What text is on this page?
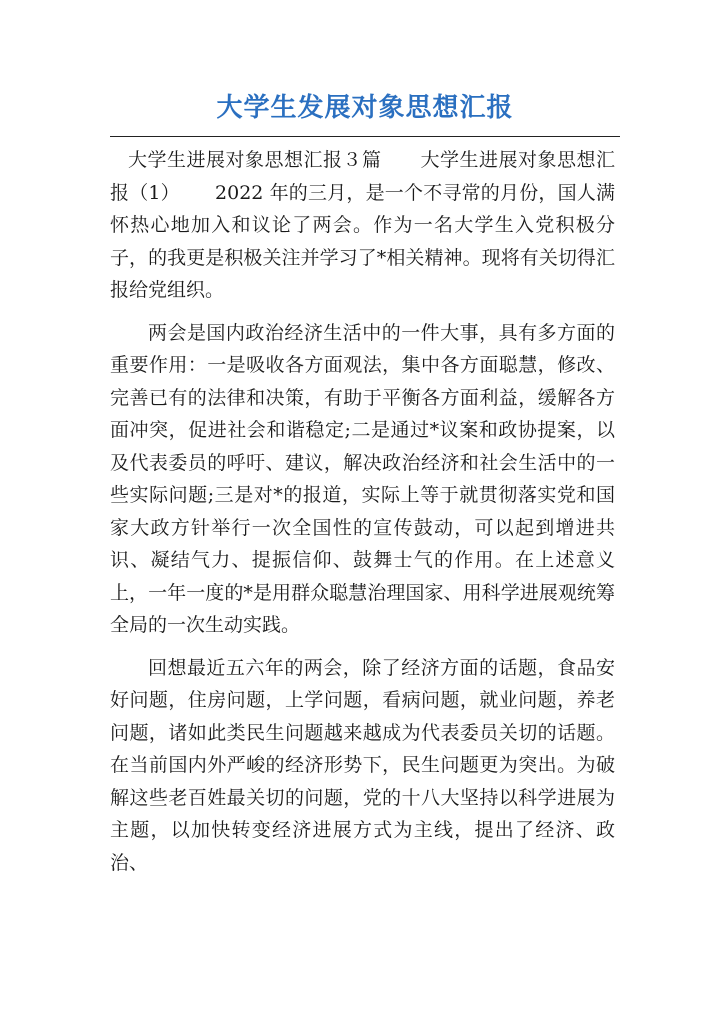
大学生发展对象思想汇报

大学生进展对象思想汇报３篇　　大学生进展对象思想汇报（1）　　 2022 年的三月，是一个不寻常的月份，国人满怀热心地加入和议论了两会。作为一名大学生入党积极分子，的我更是积极关注并学习了*相关精神。现将有关切得汇报给党组织。

两会是国内政治经济生活中的一件大事，具有多方面的重要作用：一是吸收各方面观法，集中各方面聪慧，修改、完善已有的法律和决策，有助于平衡各方面利益，缓解各方面冲突，促进社会和谐稳定;二是通过*议案和政协提案，以及代表委员的呼吁、建议，解决政治经济和社会生活中的一些实际问题;三是对*的报道，实际上等于就贯彻落实党和国家大政方针举行一次全国性的宣传鼓动，可以起到增进共识、凝结气力、提振信仰、鼓舞士气的作用。在上述意义上，一年一度的*是用群众聪慧治理国家、用科学进展观统筹全局的一次生动实践。

回想最近五六年的两会，除了经济方面的话题，食品安好问题，住房问题，上学问题，看病问题，就业问题，养老问题，诸如此类民生问题越来越成为代表委员关切的话题。在当前国内外严峻的经济形势下，民生问题更为突出。为破解这些老百姓最关切的问题，党的十八大坚持以科学进展为主题，以加快转变经济进展方式为主线，提出了经济、政治、
